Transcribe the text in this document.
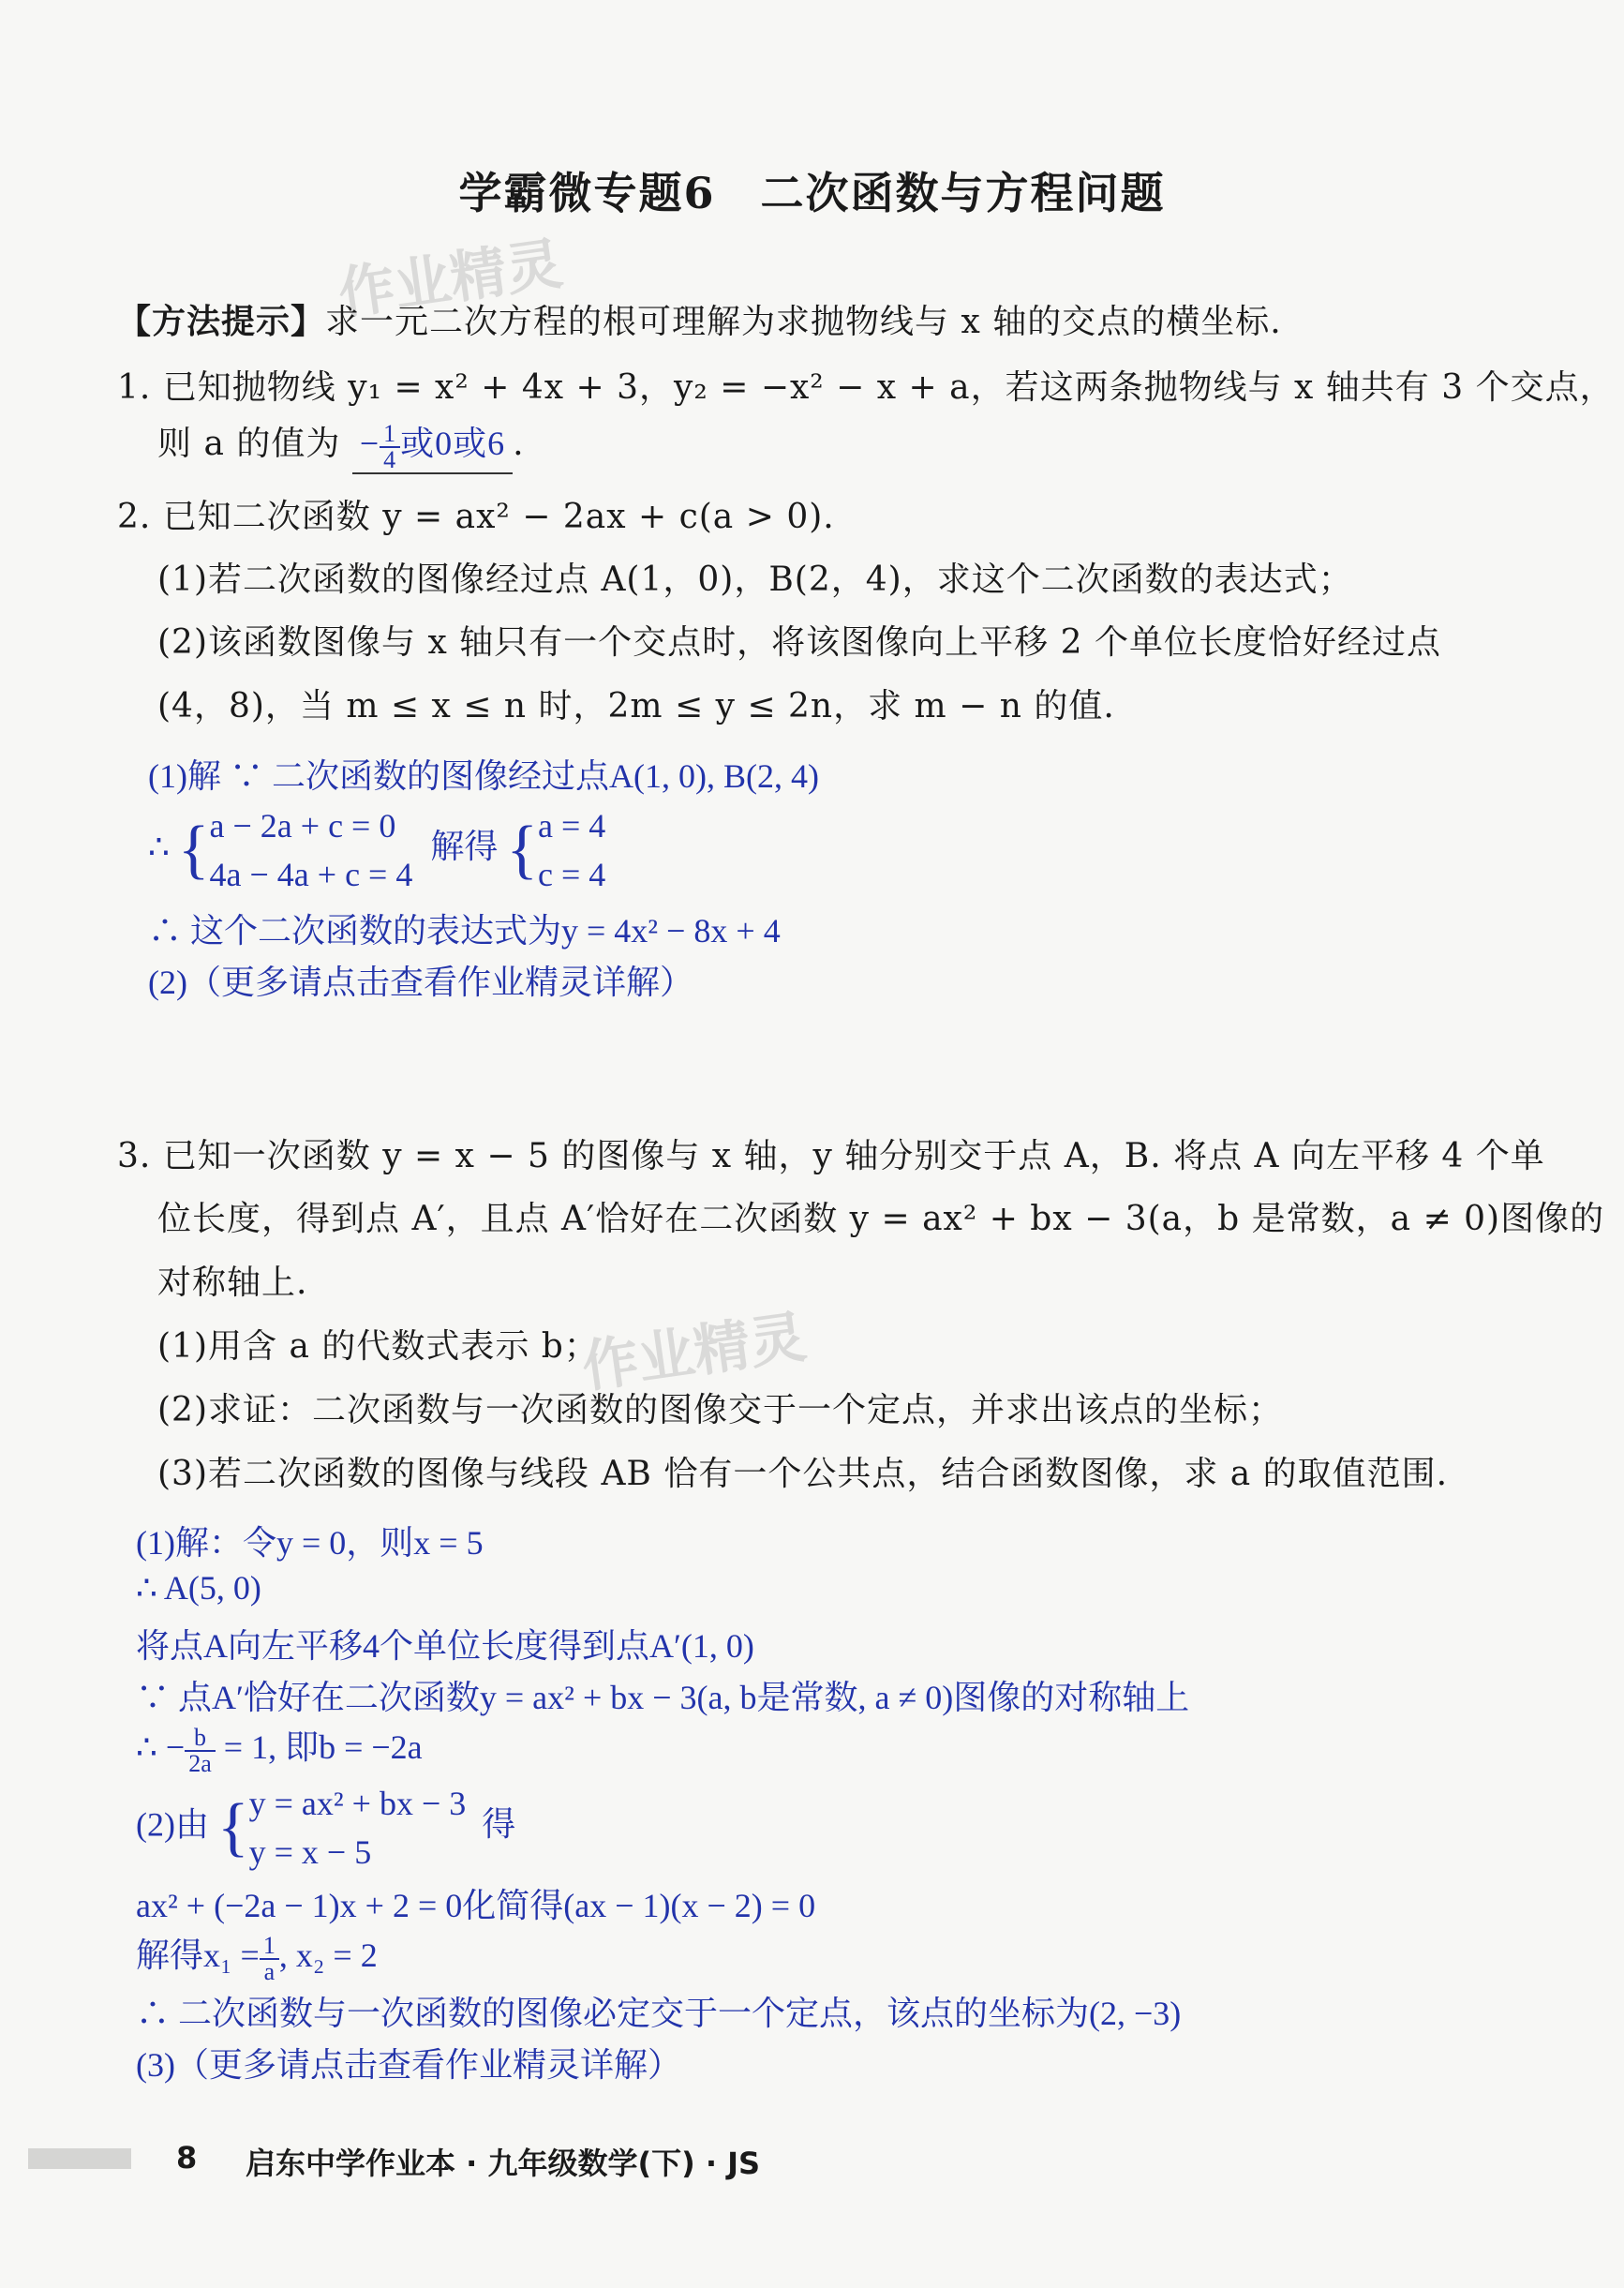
学霸微专题6　二次函数与方程问题
作业精灵
作业精灵
【方法提示】求一元二次方程的根可理解为求抛物线与 x 轴的交点的横坐标.
1. 已知抛物线 y₁ = x² + 4x + 3，y₂ = −x² − x + a，若这两条抛物线与 x 轴共有 3 个交点，
则 a 的值为 − $\frac{1}{4}$ 或0或6 .
2. 已知二次函数 y = ax² − 2ax + c(a > 0).
(1)若二次函数的图像经过点 A(1，0)，B(2，4)，求这个二次函数的表达式；
(2)该函数图像与 x 轴只有一个交点时，将该图像向上平移 2 个单位长度恰好经过点
(4，8)，当 m ≤ x ≤ n 时，2m ≤ y ≤ 2n，求 m − n 的值.
(1)解 ∵ 二次函数的图像经过点A(1, 0), B(2, 4)
∴ { a − 2a + c = 0
4a − 4a + c = 4
解得 { a = 4
c = 4
∴ 这个二次函数的表达式为y = 4x² − 8x + 4
(2)（更多请点击查看作业精灵详解）
3. 已知一次函数 y = x − 5 的图像与 x 轴，y 轴分别交于点 A，B. 将点 A 向左平移 4 个单
位长度，得到点 A′，且点 A′恰好在二次函数 y = ax² + bx − 3(a，b 是常数，a ≠ 0)图像的
对称轴上.
(1)用含 a 的代数式表示 b；
(2)求证：二次函数与一次函数的图像交于一个定点，并求出该点的坐标；
(3)若二次函数的图像与线段 AB 恰有一个公共点，结合函数图像，求 a 的取值范围.
(1)解：令y = 0，则x = 5
∴ A(5, 0)
将点A向左平移4个单位长度得到点A′(1, 0)
∵ 点A′恰好在二次函数y = ax² + bx − 3(a, b是常数, a ≠ 0)图像的对称轴上
∴ − $\frac{b}{2a} = 1$, 即b = −2a
(2)由 { y = ax² + bx − 3
y = x − 5
得
ax² + (−2a − 1)x + 2 = 0化简得(ax − 1)(x − 2) = 0
解得$x_1 = \frac{1}{a}$ , x₂ = 2
∴ 二次函数与一次函数的图像必定交于一个定点，该点的坐标为(2, −3)
(3)（更多请点击查看作业精灵详解）
8 启东中学作业本 · 九年级数学(下) · JS
